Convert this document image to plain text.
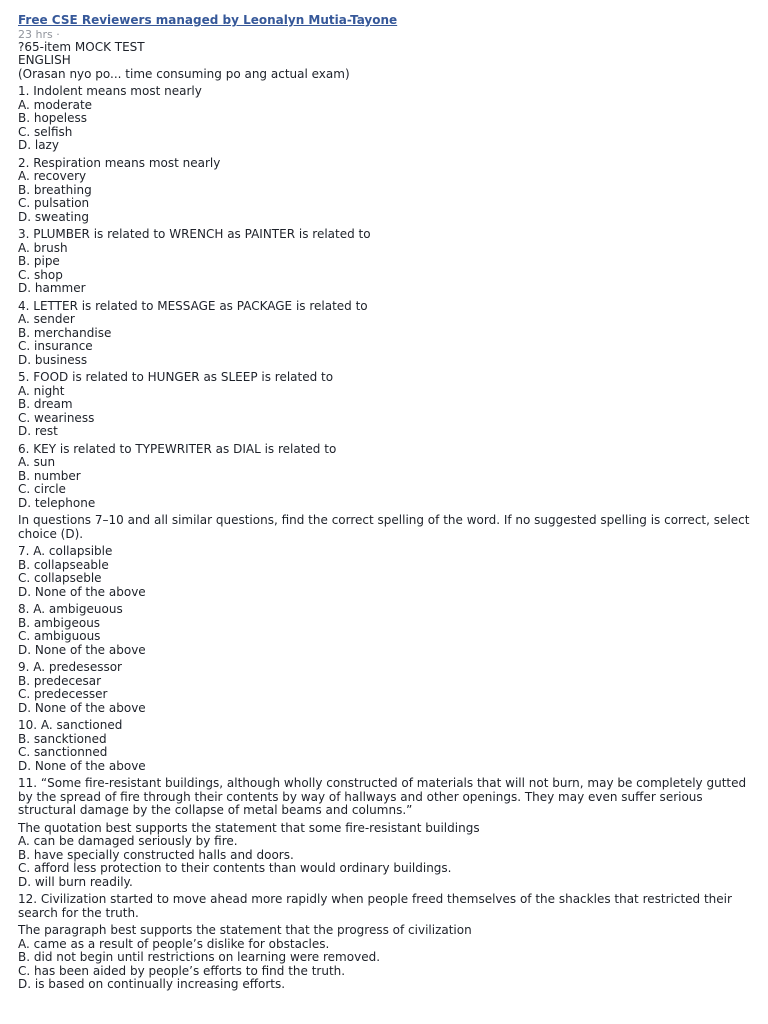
Free CSE Reviewers managed by Leonalyn Mutia-Tayone
23 hrs ·
?65-item MOCK TEST
ENGLISH
(Orasan nyo po... time consuming po ang actual exam)
1. Indolent means most nearly
A. moderate
B. hopeless
C. selfish
D. lazy
2. Respiration means most nearly
A. recovery
B. breathing
C. pulsation
D. sweating
3. PLUMBER is related to WRENCH as PAINTER is related to
A. brush
B. pipe
C. shop
D. hammer
4. LETTER is related to MESSAGE as PACKAGE is related to
A. sender
B. merchandise
C. insurance
D. business
5. FOOD is related to HUNGER as SLEEP is related to
A. night
B. dream
C. weariness
D. rest
6. KEY is related to TYPEWRITER as DIAL is related to
A. sun
B. number
C. circle
D. telephone
In questions 7–10 and all similar questions, find the correct spelling of the word. If no suggested spelling is correct, select choice (D).
7. A. collapsible
B. collapseable
C. collapseble
D. None of the above
8. A. ambigeuous
B. ambigeous
C. ambiguous
D. None of the above
9. A. predesessor
B. predecesar
C. predecesser
D. None of the above
10. A. sanctioned
B. sancktioned
C. sanctionned
D. None of the above
11. “Some fire-resistant buildings, although wholly constructed of materials that will not burn, may be completely gutted by the spread of fire through their contents by way of hallways and other openings. They may even suffer serious structural damage by the collapse of metal beams and columns.”
The quotation best supports the statement that some fire-resistant buildings
A. can be damaged seriously by fire.
B. have specially constructed halls and doors.
C. afford less protection to their contents than would ordinary buildings.
D. will burn readily.
12. Civilization started to move ahead more rapidly when people freed themselves of the shackles that restricted their search for the truth.
The paragraph best supports the statement that the progress of civilization
A. came as a result of people’s dislike for obstacles.
B. did not begin until restrictions on learning were removed.
C. has been aided by people’s efforts to find the truth.
D. is based on continually increasing efforts.
